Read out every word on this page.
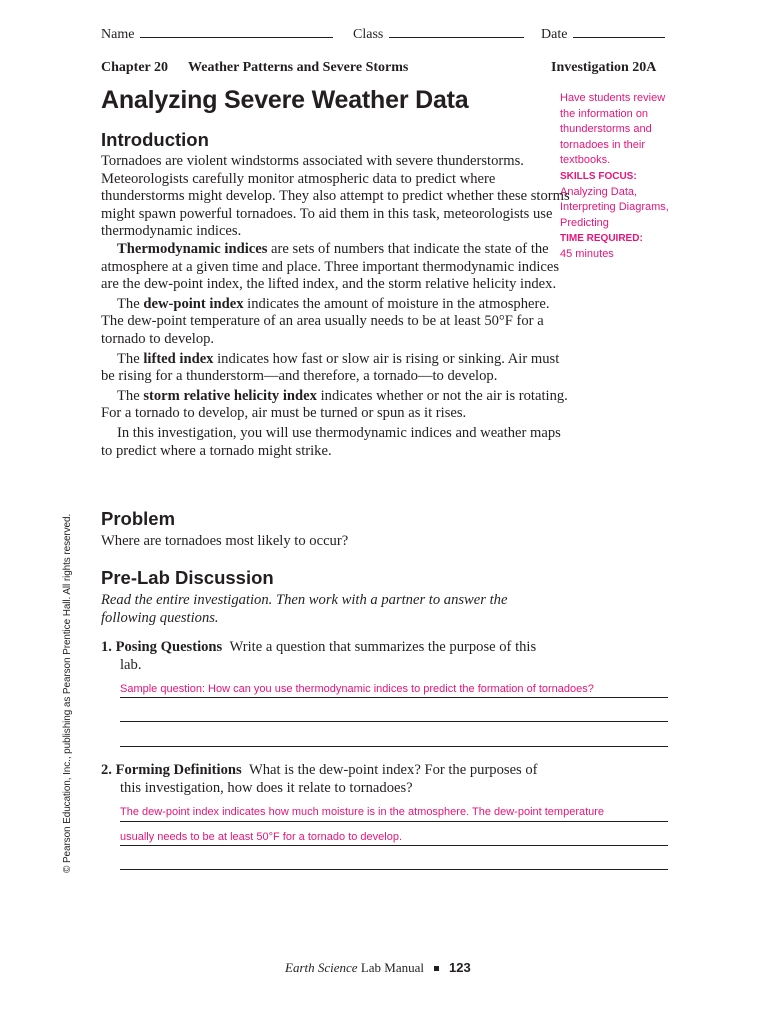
Name	Class	Date
Chapter 20 Weather Patterns and Severe Storms	Investigation 20A
Analyzing Severe Weather Data	Have students review the information on thunderstorms and tornadoes in their textbooks.
SKILLS FOCUS:
Analyzing Data, Interpreting Diagrams, Predicting
TIME REQUIRED:
45 minutes
Introduction

Tornadoes are violent windstorms associated with severe thunderstorms. Meteorologists carefully monitor atmospheric data to predict where thunderstorms might develop. They also attempt to predict whether these storms might spawn powerful tornadoes. To aid them in this task, meteorologists use thermodynamic indices.

Thermodynamic indices are sets of numbers that indicate the state of the atmosphere at a given time and place. Three important thermodynamic indices are the dew-point index, the lifted index, and the storm relative helicity index.

The dew-point index indicates the amount of moisture in the atmosphere. The dew-point temperature of an area usually needs to be at least 50°F for a tornado to develop.

The lifted index indicates how fast or slow air is rising or sinking. Air must be rising for a thunderstorm—and therefore, a tornado—to develop.

The storm relative helicity index indicates whether or not the air is rotating. For a tornado to develop, air must be turned or spun as it rises.

In this investigation, you will use thermodynamic indices and weather maps to predict where a tornado might strike.

Problem
Where are tornadoes most likely to occur?
Pre-Lab Discussion
Read the entire investigation. Then work with a partner to answer the following questions.
1. Posing Questions Write a question that summarizes the purpose of this lab.
Sample question: How can you use thermodynamic indices to predict the formation of tornadoes?
2. Forming Definitions What is the dew-point index? For the purposes of this investigation, how does it relate to tornadoes?
The dew-point index indicates how much moisture is in the atmosphere. The dew-point temperature
usually needs to be at least 50°F for a tornado to develop.
© Pearson Education, Inc., publishing as Pearson Prentice Hall. All rights reserved.
Earth Science Lab Manual 123
